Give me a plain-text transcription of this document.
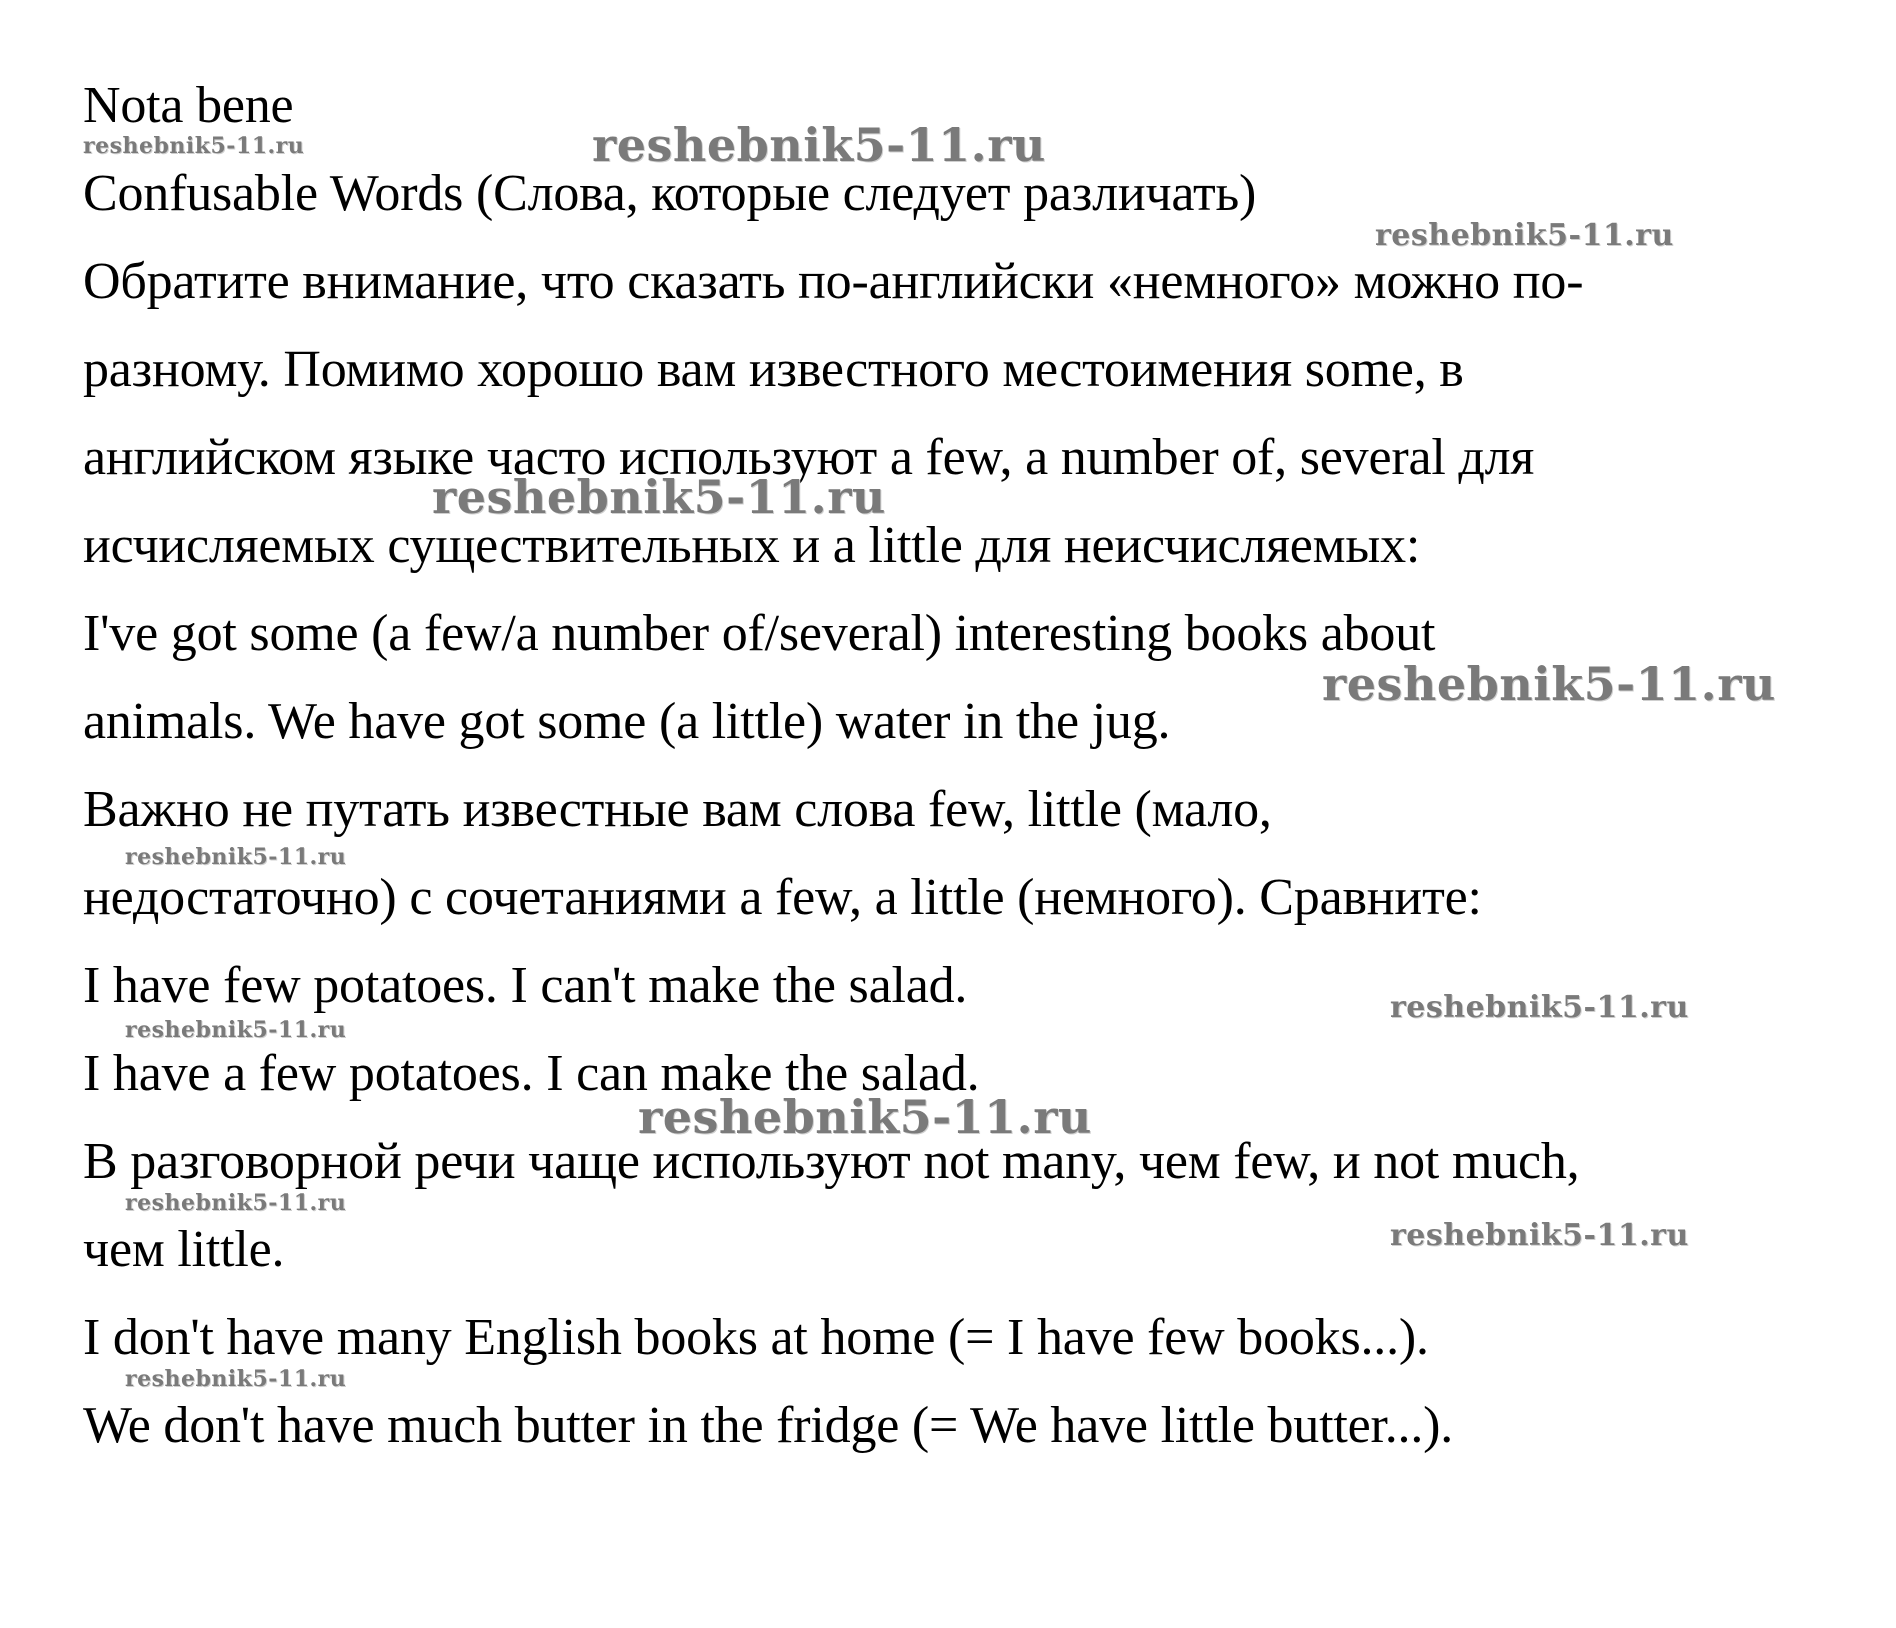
Nota bene

Confusable Words (Слова, которые следует различать)

Обратите внимание, что сказать по-английски «немного» можно по-

разному. Помимо хорошо вам известного местоимения some, в

английском языке часто используют a few, a number of, several для

исчисляемых существительных и a little для неисчисляемых:

I've got some (a few/a number of/several) interesting books about

animals. We have got some (a little) water in the jug.

Важно не путать известные вам слова few, little (мало,

недостаточно) с сочетаниями a few, a little (немного). Сравните:

I have few potatoes. I can't make the salad.

I have a few potatoes. I can make the salad.

В разговорной речи чаще используют not many, чем few, и not much,

чем little.

I don't have many English books at home (= I have few books...).

We don't have much butter in the fridge (= We have little butter...).

reshebnik5-11.ru	reshebnik5-11.ru
reshebnik5-11.ru
reshebnik5-11.ru
reshebnik5-11.ru
reshebnik5-11.ru
reshebnik5-11.ru
reshebnik5-11.ru
reshebnik5-11.ru
reshebnik5-11.ru
reshebnik5-11.ru
reshebnik5-11.ru
